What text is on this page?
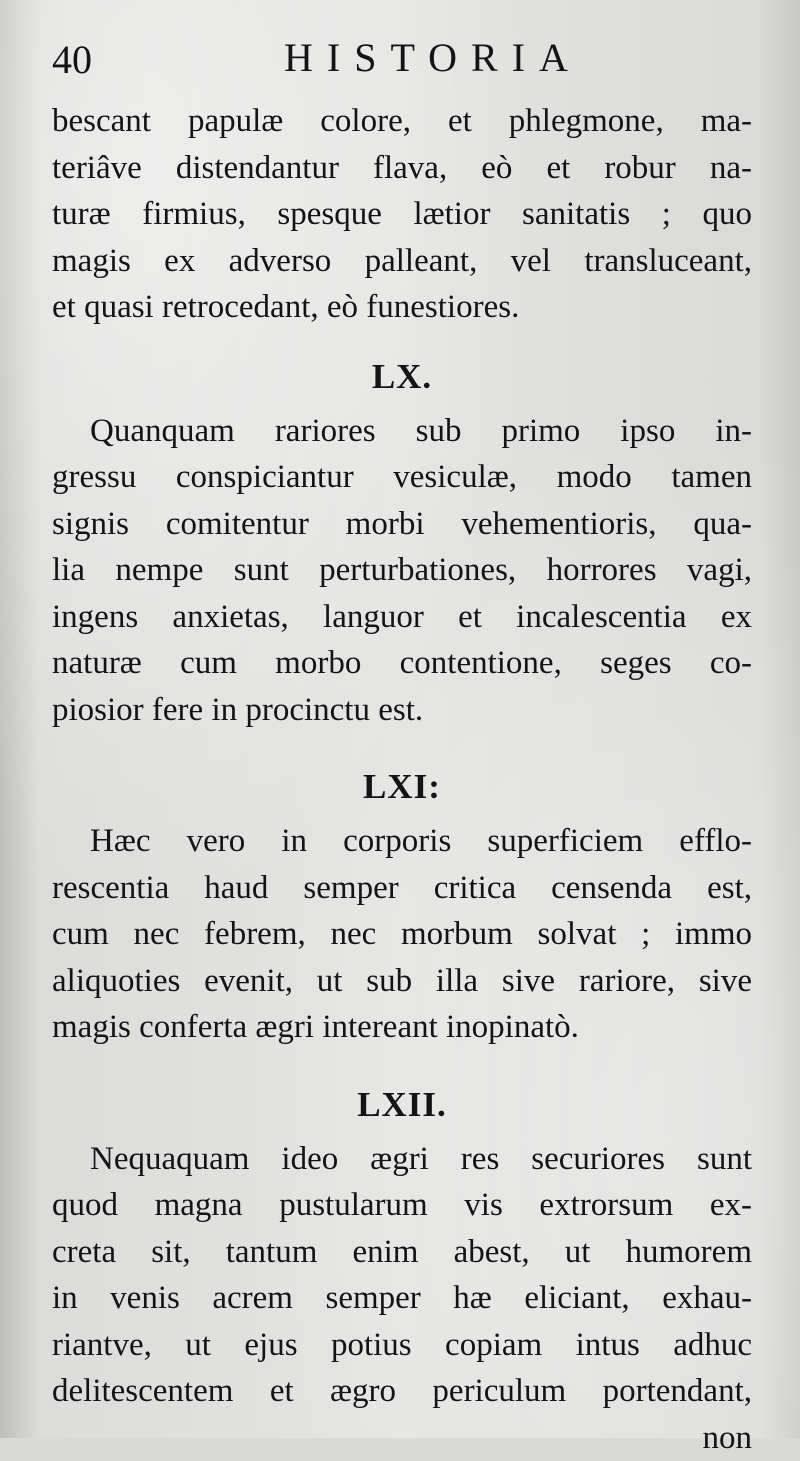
40	HISTORIA

bescant papulæ colore, et phlegmone, ma-
teriâve distendantur flava, eò et robur na-
turæ firmius, spesque lætior sanitatis ; quo
magis ex adverso palleant, vel transluceant,
et quasi retrocedant, eò funestiores.

LX.

Quanquam rariores sub primo ipso in-
gressu conspiciantur vesiculæ, modo tamen
signis comitentur morbi vehementioris, qua-
lia nempe sunt perturbationes, horrores vagi,
ingens anxietas, languor et incalescentia ex
naturæ cum morbo contentione, seges co-
piosior fere in procinctu est.

LXI:

Hæc vero in corporis superficiem efflo-
rescentia haud semper critica censenda est,
cum nec febrem, nec morbum solvat ; immo
aliquoties evenit, ut sub illa sive rariore, sive
magis conferta ægri intereant inopinatò.

LXII.

Nequaquam ideo ægri res securiores sunt
quod magna pustularum vis extrorsum ex-
creta sit, tantum enim abest, ut humorem
in venis acrem semper hæ eliciant, exhau-
riantve, ut ejus potius copiam intus adhuc
delitescentem et ægro periculum portendant,
non
